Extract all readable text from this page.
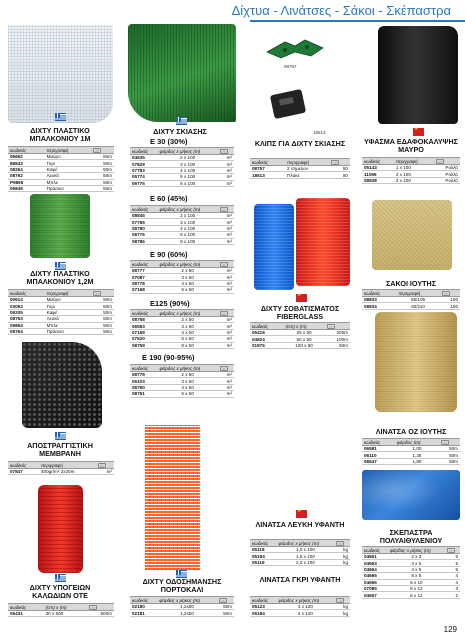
Δίχτυα - Λινάτσες - Σάκοι - Σκέπαστρα
ΔΙΧΤΥ ΠΛΑΣΤΙΚΟ ΜΠΑΛΚΟΝΙΟΥ 1M
κωδικός	περιγραφή	▭
05662	Μαύρο	50m
88843	Γκρι	50m
08264	Καφέ	50m
08762	Λευκό	50m
P9865	Μπλε	50m
05849	Πράσινο	50m
ΔΙΧΤΥ ΠΛΑΣΤΙΚΟ ΜΠΑΛΚΟΝΙΟΥ 1,2M
κωδικός	περιγραφή	▭
00614	Μαύρο	50m
03063	Γκρι	50m
09205	Καφέ	50m
08763	Λευκό	50m
09864	Μπλε	50m
08764	Πράσινο	50m
ΑΠΟΣΤΡΑΓΓΙΣΤΙΚΗ ΜΕΜΒΡΑΝΗ
κωδικός	περιγραφή	▭
07847	400gr/m² 2x20m	m²
ΔΙΧΤΥ ΥΠΟΓΕΙΩΝ ΚΑΛΩΔΙΩΝ ΟΤΕ
κωδικός	(cm) x (m)	▭
05431	30 x 500	500m
ΔΙΧΤΥ ΣΚΙΑΣΗΣ
E 30 (30%)
κωδικός	φάρδος x μήκος (m)	▭
04635	2 x 100	m²
07829	3 x 100	m²
07783	4 x 100	m²
05774	5 x 100	m²
09775	6 x 100	m²
E 60 (45%)
κωδικός	φάρδος x μήκος (m)	▭
08845	2 x 100	m²
07765	3 x 100	m²
08780	4 x 100	m²
08776	6 x 100	m²
08786	8 x 100	m²
E 90 (60%)
κωδικός	φάρδος x μήκος (m)	▭
08777	2 x 50	m²
07087	3 x 50	m²
08778	4 x 50	m²
07168	5 x 50	m²
E125 (90%)
κωδικός	φάρδος x μήκος (m)	▭
08758	2 x 50	m²
06563	3 x 50	m²
07169	4 x 50	m²
07620	6 x 50	m²
08759	8 x 50	m²
E 190 (90-95%)
κωδικός	φάρδος x μήκος (m)	▭
08779	2 x 50	m²
06103	3 x 50	m²
08760	4 x 50	m²
08761	5 x 50	m²
ΔΙΧΤΥ ΟΔΟΣΗΜΑΝΣΗΣ ΠΟΡΤΟΚΑΛΙ
κωδικός	φάρδος x μήκος (m)	▭
02180	1,2x50	50m
02181	1,2x50	50m
08767
18513
ΚΛΙΠΣ ΓΙΑ ΔΙΧΤΥ ΣΚΙΑΣΗΣ
κωδικός	περιγραφή	▭
08757	2 σημείων	50
18513	Πλακέ	50
★
ΔΙΧΤΥ ΣΟΒΑΤΙΣΜΑΤΟΣ FIBERGLASS
κωδικός	(cm) x (m)	▭
05415	25 x 50	200m
04824	50 x 50	100m
01875	100 x 50	50m
★
ΛΙΝΑΤΣΑ ΛΕΥΚΗ ΥΦΑΝΤΗ
κωδικός	φάρδος x μήκος (m)	▭
05118	1,0 x 100	kg
05184	1,5 x 100	kg
05119	2,0 x 100	kg
ΛΙΝΑΤΣΑ ΓΚΡΙ ΥΦΑΝΤΗ
κωδικός	φάρδος x μήκος (m)	▭
05123	3 x 120	kg
05184	4 x 120	kg
★
ΥΦΑΣΜΑ ΕΔΑΦΟΚΑΛΥΨΗΣ ΜΑΥΡΟ
κωδικός	περιγραφή	▭
05143	1 x 100	Ρολλό
11096	2 x 100	Ρολλό
08838	3 x 100	Ρολλό
ΣΑΚΟΙ ΙΟΥΤΗΣ
κωδικός	περιγραφή	▭
08833	65/105	100
08834	60/110	100
ΛΙΝΑΤΣΑ ΟΖ ΙΟΥΤΗΣ
κωδικός	φάρδος (m)	▭
06581	1,00	50m
06110	1,35	50m
06547	1,80	50m
ΣΚΕΠΑΣΤΡΑ ΠΟΛΥΑΙΘΥΛΕΝΙΟΥ
κωδικός	φάρδος x μήκος (m)	▭
04661	2 x 3	5
04663	3 x 5	5
04664	4 x 5	6
04665	5 x 8	4
04666	6 x 10	4
07085	8 x 12	3
04667	6 x 12	2
129
